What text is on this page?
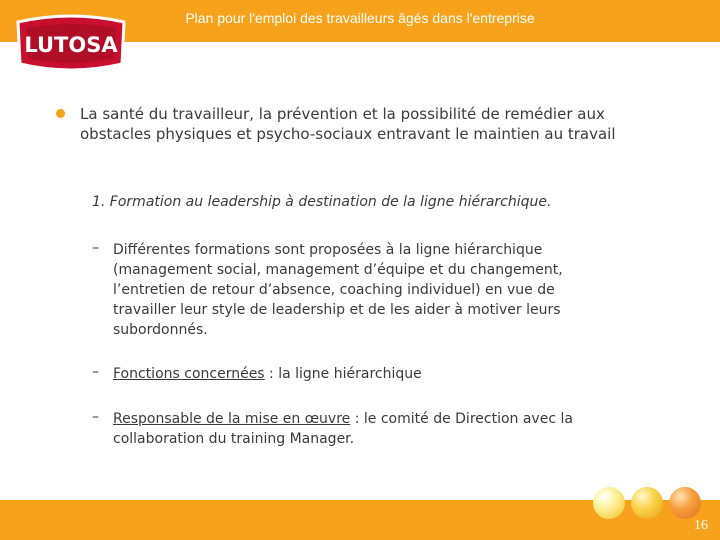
Plan pour l'emploi des travailleurs âgés dans l'entreprise
LUTOSA
La santé du travailleur, la prévention et la possibilité de remédier aux obstacles physiques et psycho-sociaux entravant le maintien au travail
1. Formation au leadership à destination de la ligne hiérarchique.
– Différentes formations sont proposées à la ligne hiérarchique (management social, management d’équipe et du changement, l’entretien de retour d’absence, coaching individuel) en vue de travailler leur style de leadership et de les aider à motiver leurs subordonnés.
– Fonctions concernées : la ligne hiérarchique
– Responsable de la mise en œuvre : le comité de Direction avec la collaboration du training Manager.
16
